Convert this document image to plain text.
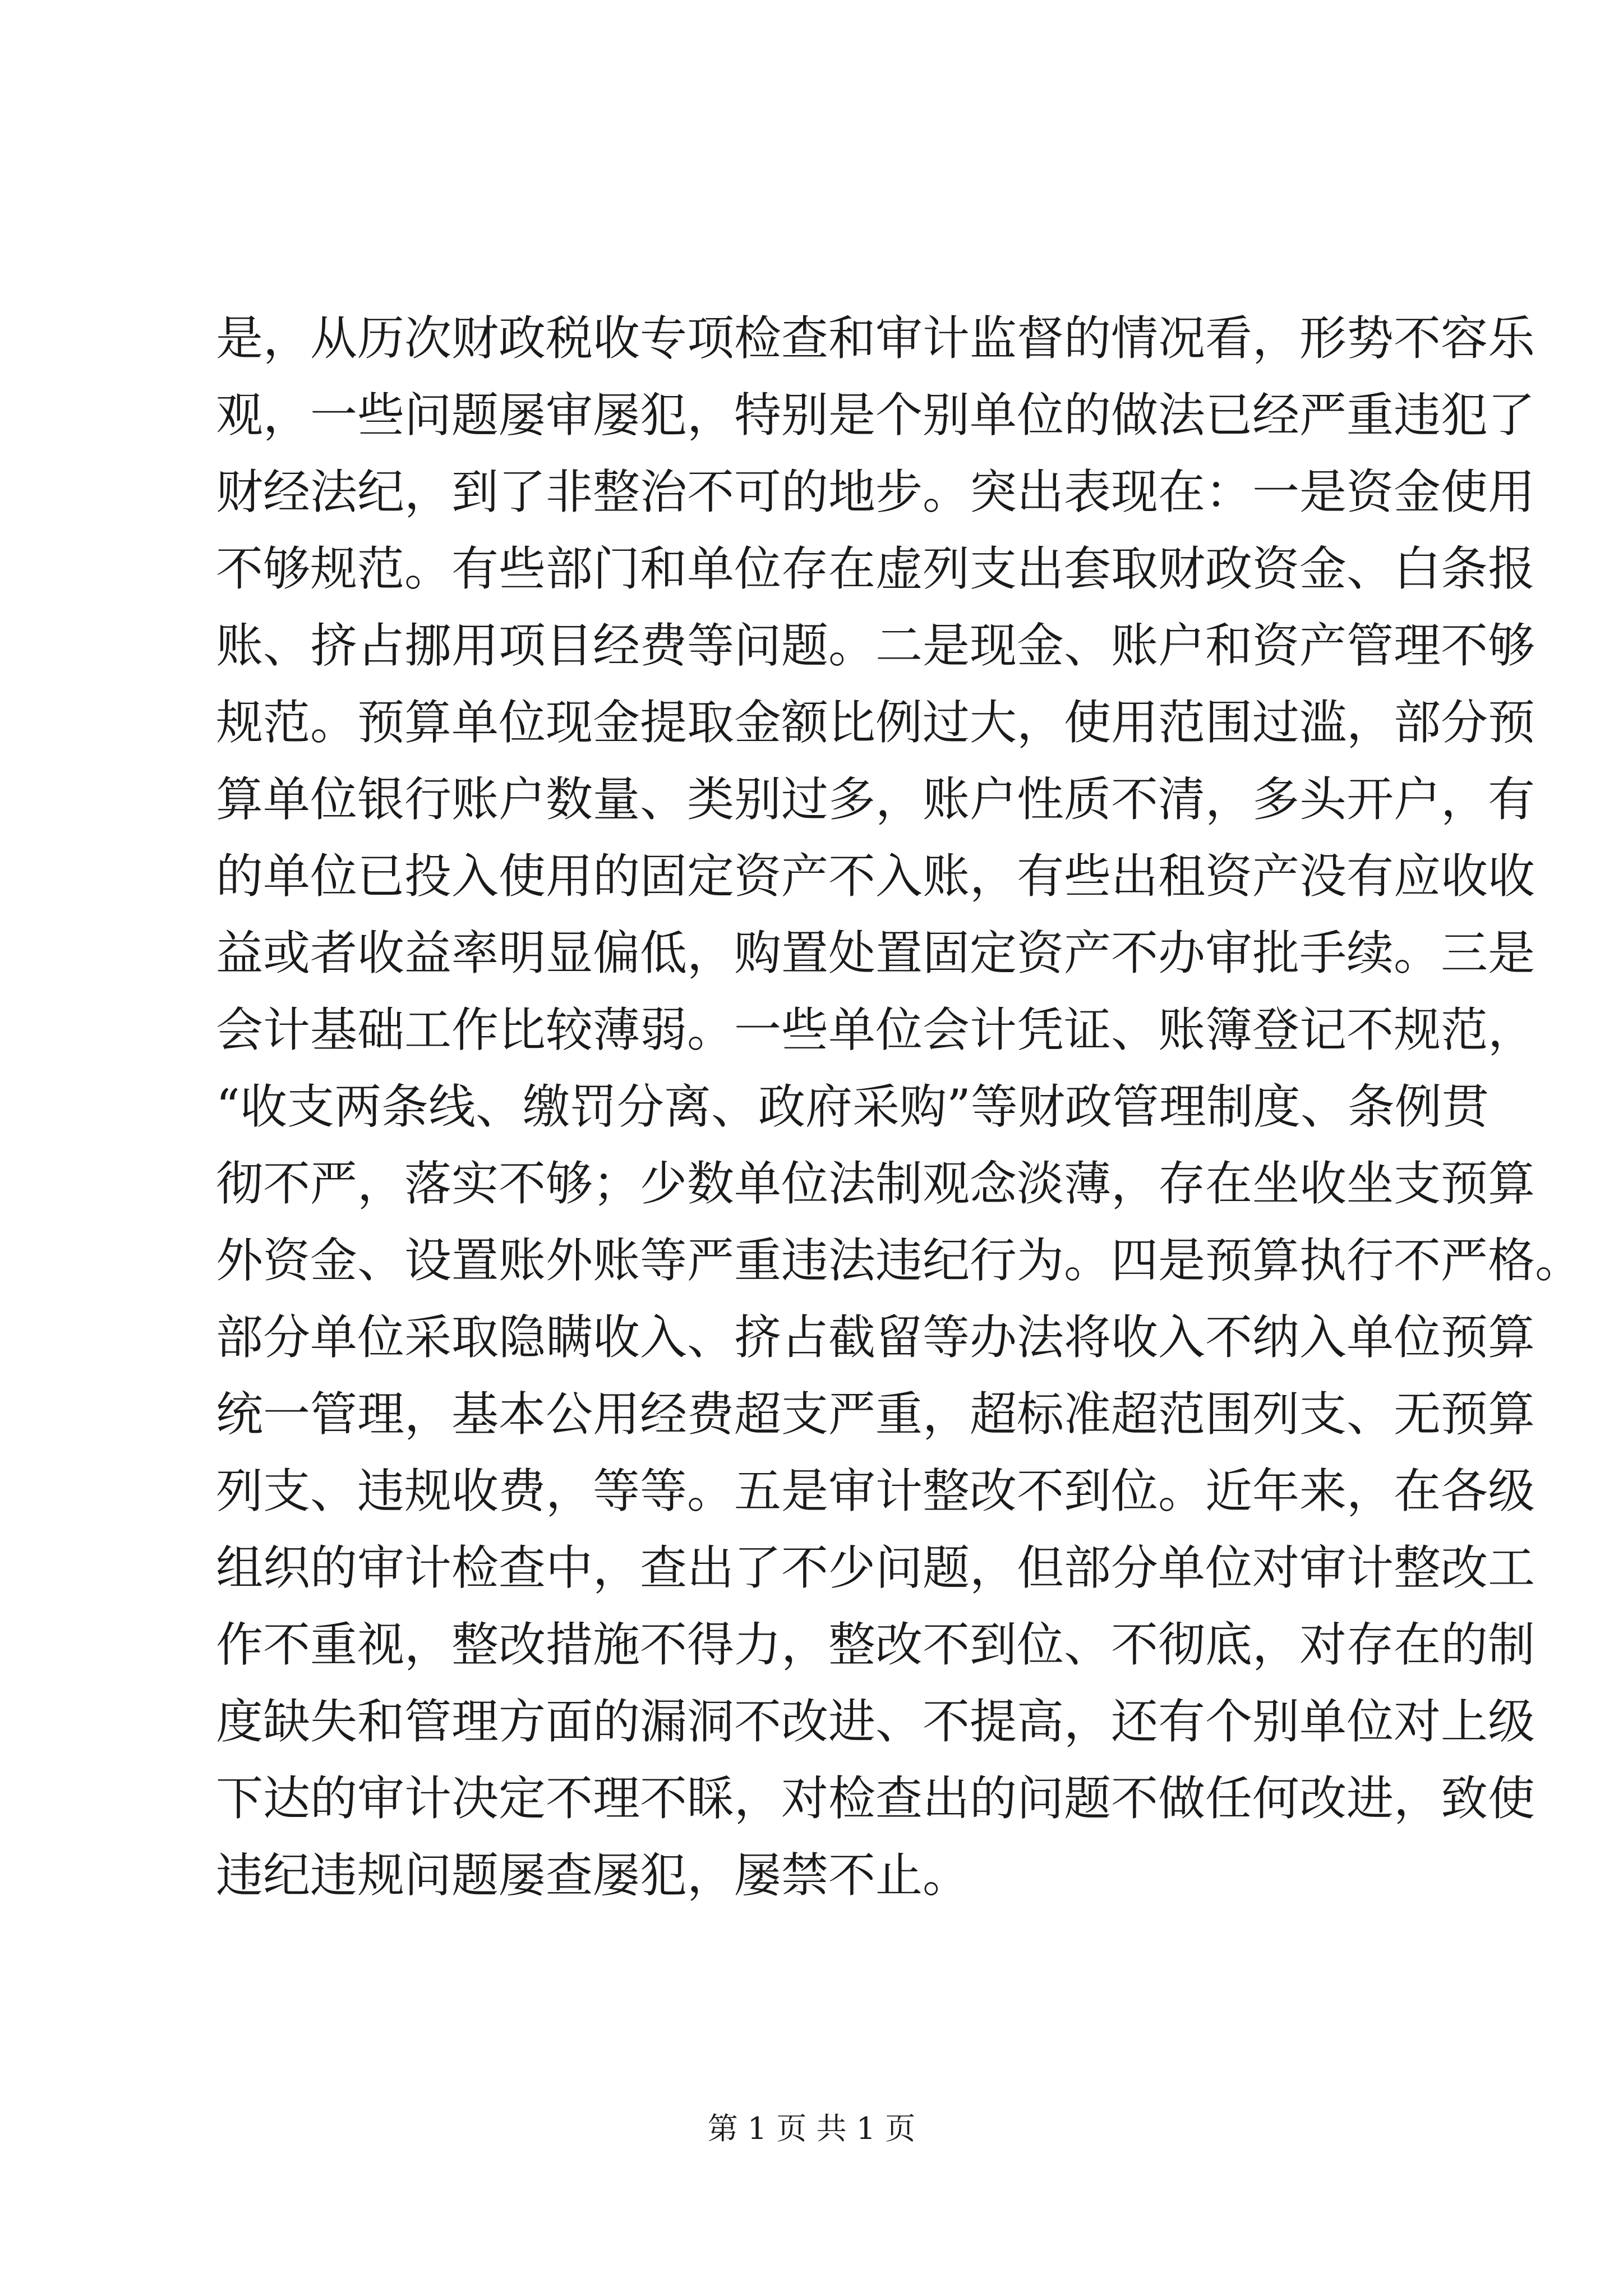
是，从历次财政税收专项检查和审计监督的情况看，形势不容乐
观，一些问题屡审屡犯，特别是个别单位的做法已经严重违犯了
财经法纪，到了非整治不可的地步。突出表现在：一是资金使用
不够规范。有些部门和单位存在虚列支出套取财政资金、白条报
账、挤占挪用项目经费等问题。二是现金、账户和资产管理不够
规范。预算单位现金提取金额比例过大，使用范围过滥，部分预
算单位银行账户数量、类别过多，账户性质不清，多头开户，有
的单位已投入使用的固定资产不入账，有些出租资产没有应收收
益或者收益率明显偏低，购置处置固定资产不办审批手续。三是
会计基础工作比较薄弱。一些单位会计凭证、账簿登记不规范，
“收支两条线、缴罚分离、政府采购”等财政管理制度、条例贯
彻不严，落实不够；少数单位法制观念淡薄，存在坐收坐支预算
外资金、设置账外账等严重违法违纪行为。四是预算执行不严格。
部分单位采取隐瞒收入、挤占截留等办法将收入不纳入单位预算
统一管理，基本公用经费超支严重，超标准超范围列支、无预算
列支、违规收费，等等。五是审计整改不到位。近年来，在各级
组织的审计检查中，查出了不少问题，但部分单位对审计整改工
作不重视，整改措施不得力，整改不到位、不彻底，对存在的制
度缺失和管理方面的漏洞不改进、不提高，还有个别单位对上级
下达的审计决定不理不睬，对检查出的问题不做任何改进，致使
违纪违规问题屡查屡犯，屡禁不止。
第 1 页 共 1 页
